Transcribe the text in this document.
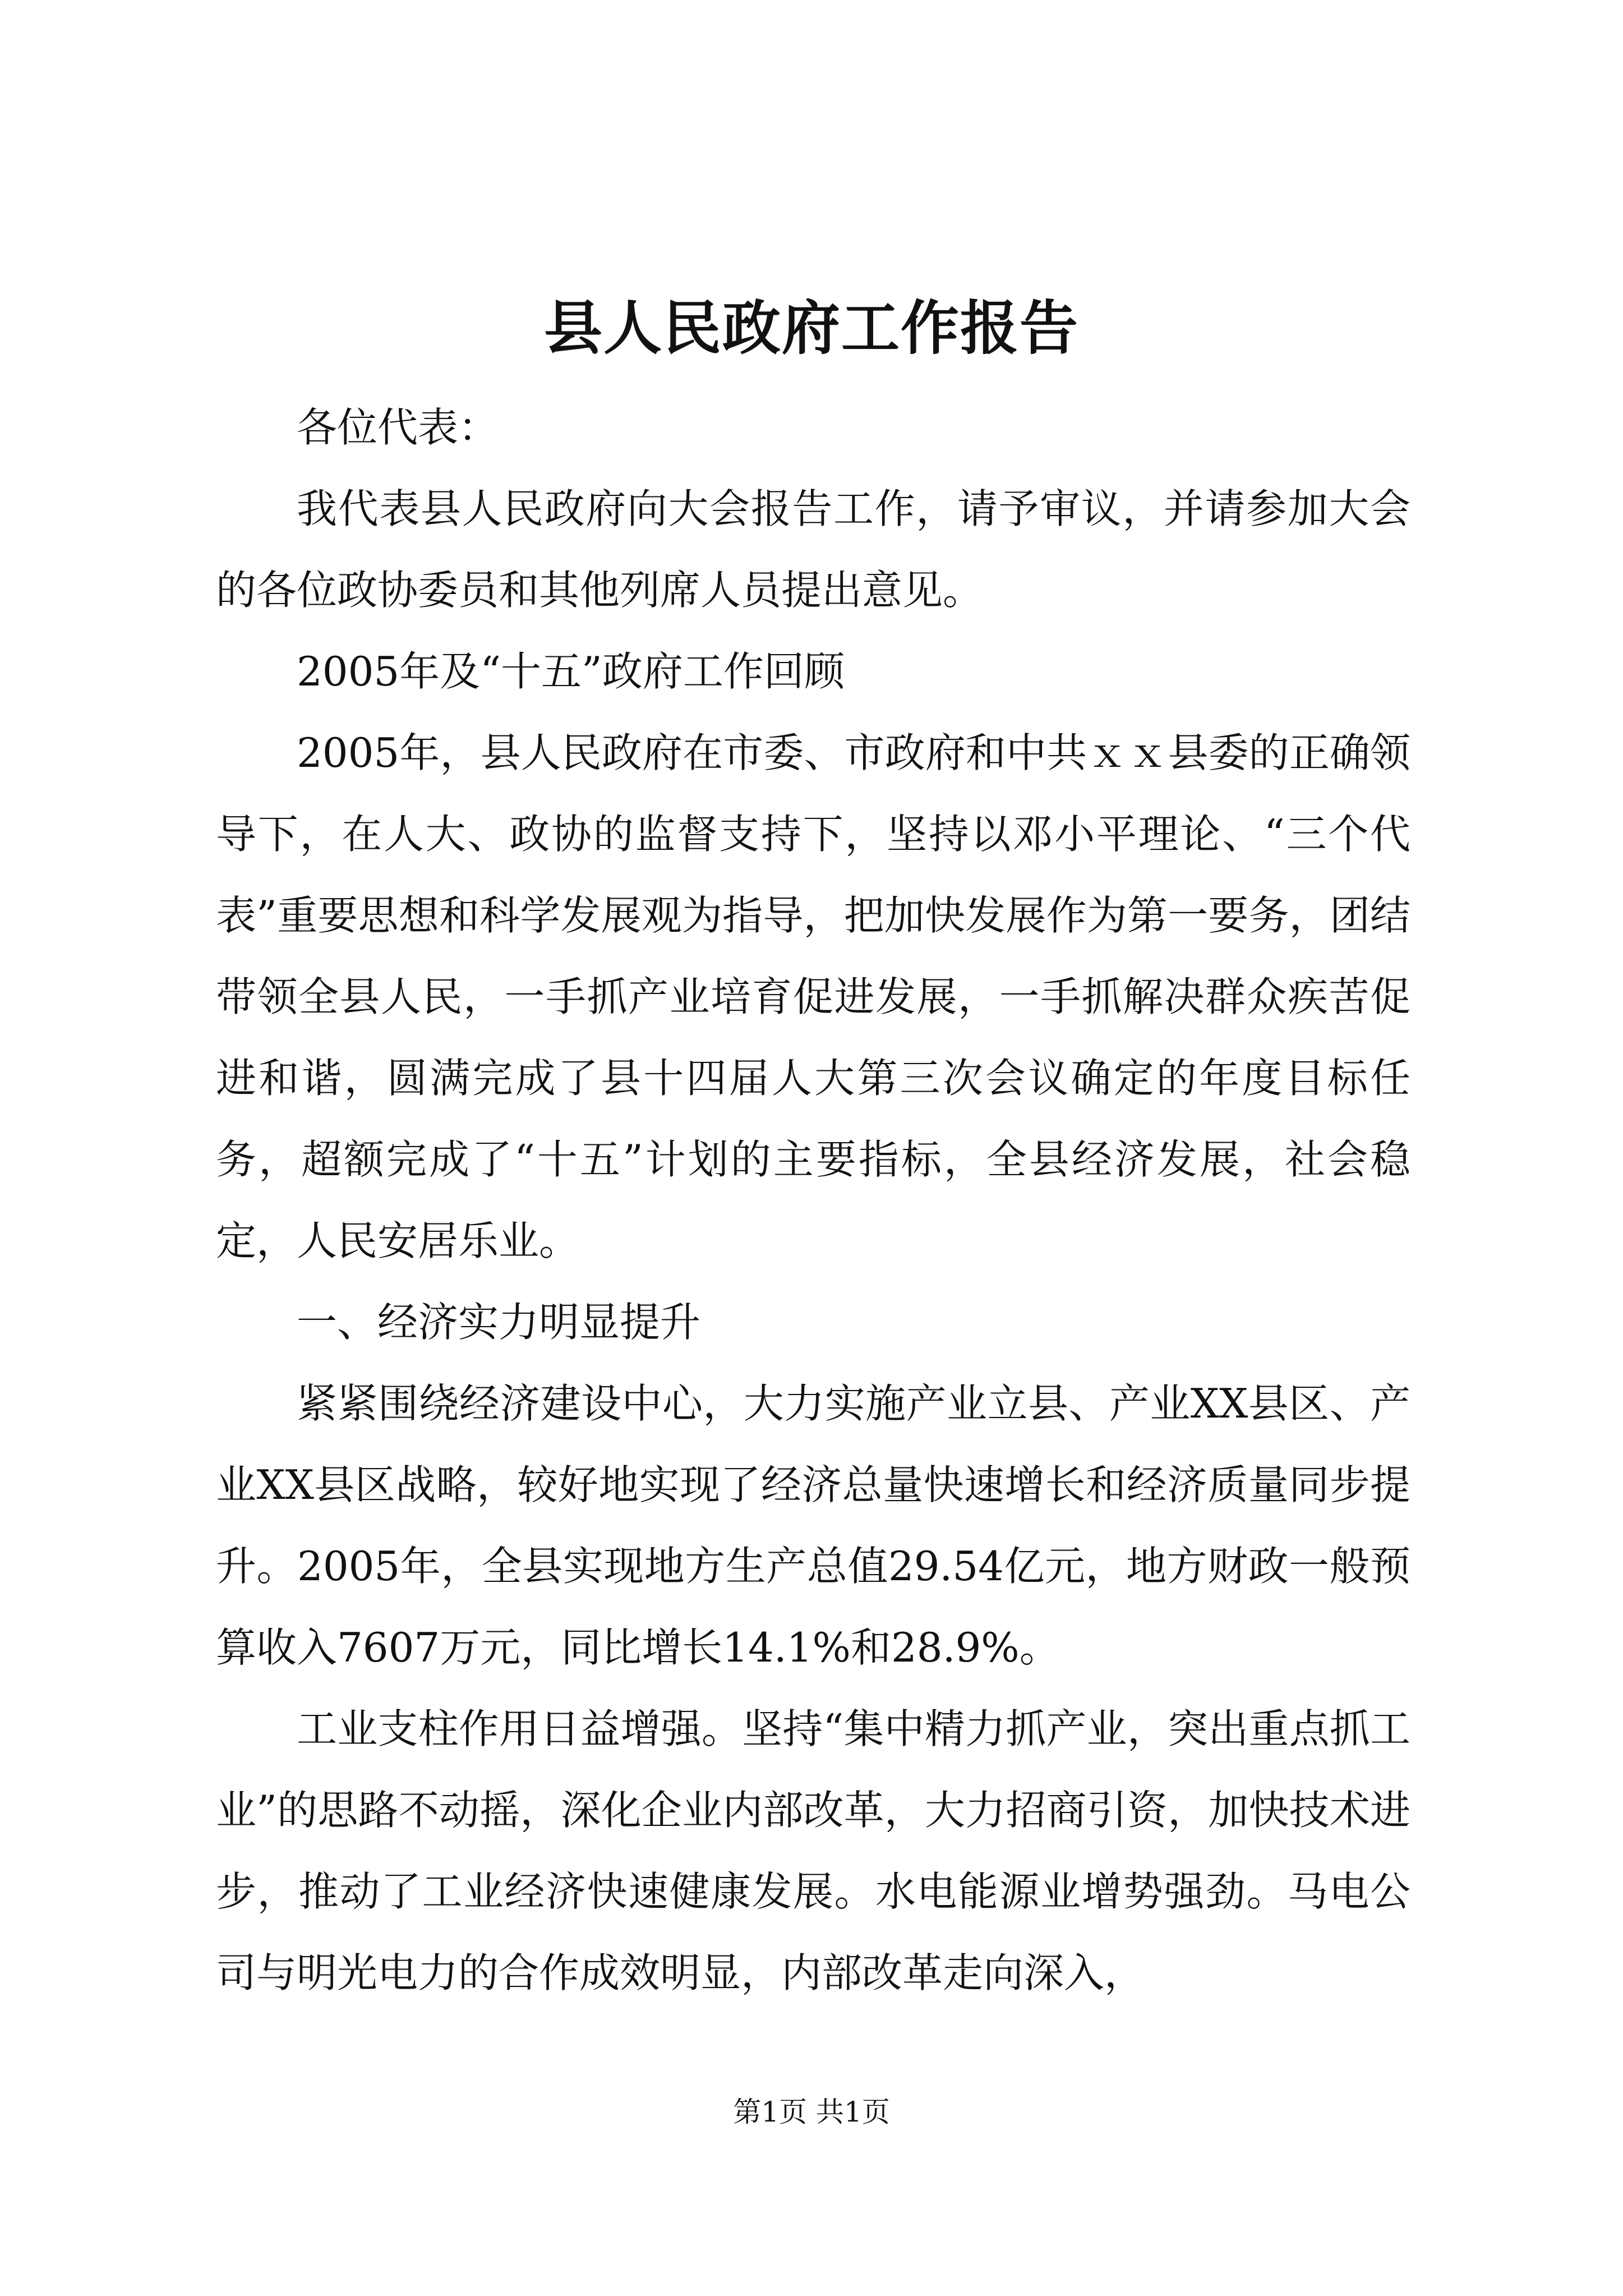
县人民政府工作报告

各位代表：

我代表县人民政府向大会报告工作，请予审议，并请参加大会的各位政协委员和其他列席人员提出意见。

2005年及“十五”政府工作回顾

2005年，县人民政府在市委、市政府和中共ｘｘ县委的正确领导下，在人大、政协的监督支持下，坚持以邓小平理论、“三个代表”重要思想和科学发展观为指导，把加快发展作为第一要务，团结带领全县人民，一手抓产业培育促进发展，一手抓解决群众疾苦促进和谐，圆满完成了县十四届人大第三次会议确定的年度目标任务，超额完成了“十五”计划的主要指标，全县经济发展，社会稳定，人民安居乐业。

一、经济实力明显提升

紧紧围绕经济建设中心，大力实施产业立县、产业XX县区、产业XX县区战略，较好地实现了经济总量快速增长和经济质量同步提升。2005年，全县实现地方生产总值29.54亿元，地方财政一般预算收入7607万元，同比增长14.1%和28.9%。

工业支柱作用日益增强。坚持“集中精力抓产业，突出重点抓工业”的思路不动摇，深化企业内部改革，大力招商引资，加快技术进步，推动了工业经济快速健康发展。水电能源业增势强劲。马电公司与明光电力的合作成效明显，内部改革走向深入，

第1页 共1页
